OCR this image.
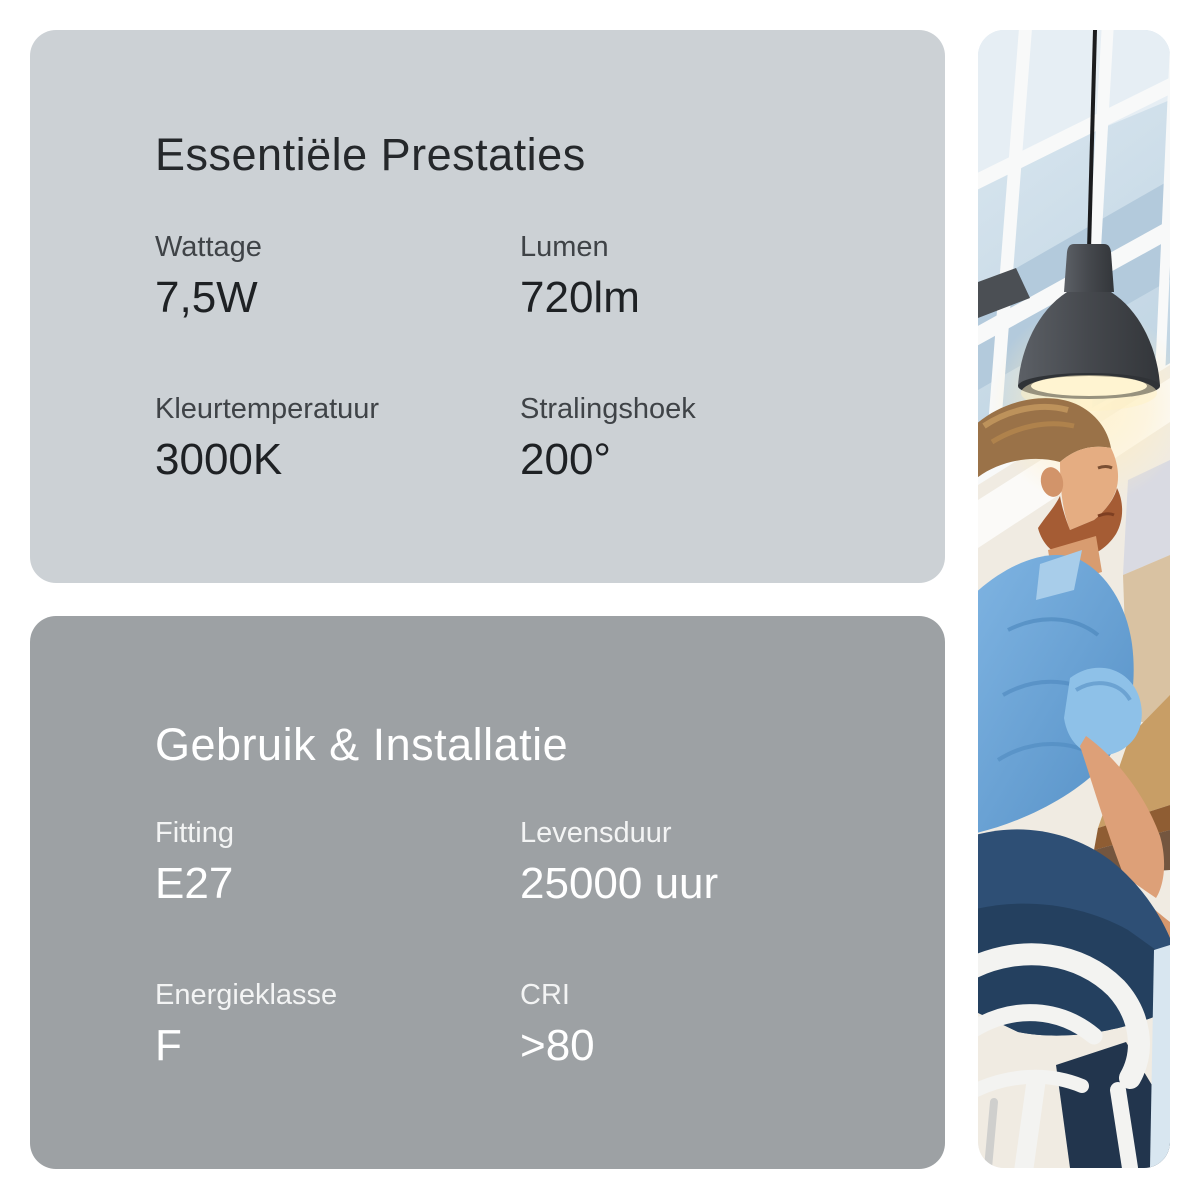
Essentiële Prestaties
Wattage
7,5W
Lumen
720lm
Kleurtemperatuur
3000K
Stralingshoek
200°
Gebruik & Installatie
Fitting
E27
Levensduur
25000 uur
Energieklasse
F
CRI
>80
